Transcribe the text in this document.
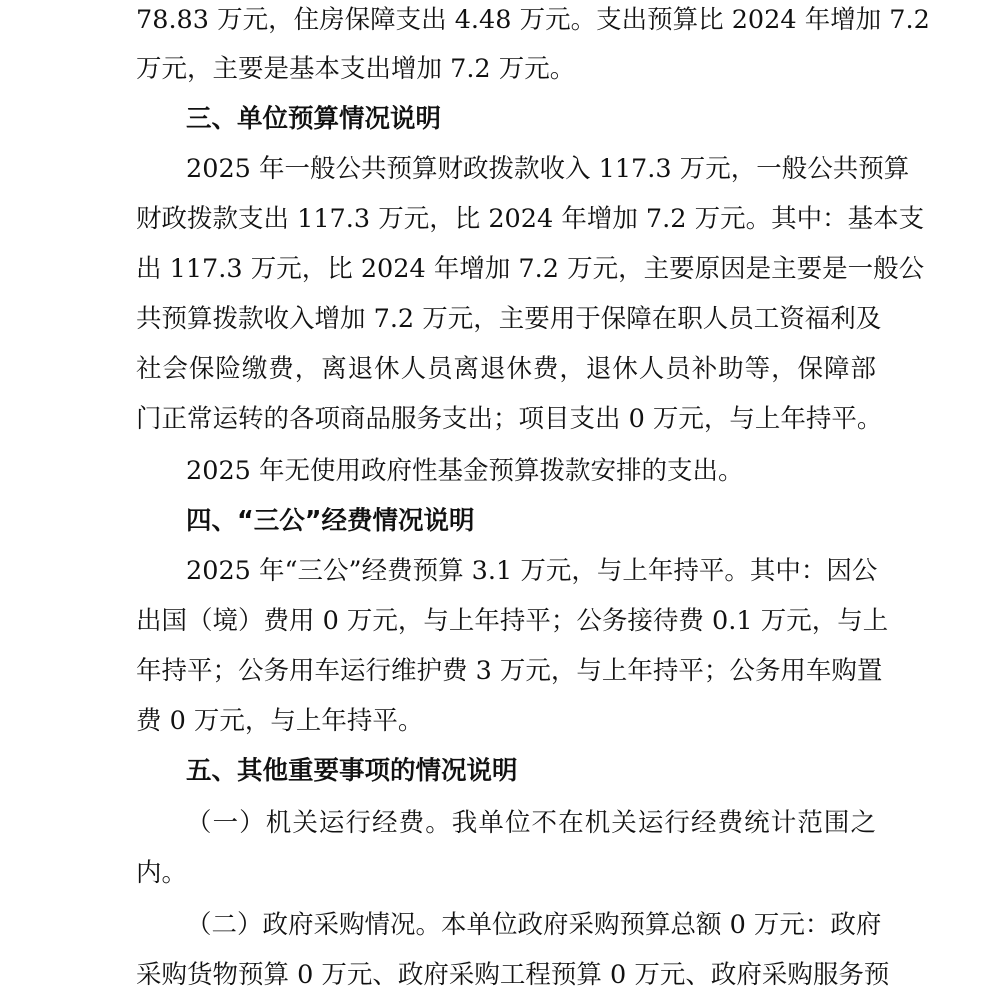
78.83 万元，住房保障支出 4.48 万元。支出预算比 2024 年增加 7.2
万元，主要是基本支出增加 7.2 万元。
三、单位预算情况说明
2025 年一般公共预算财政拨款收入 117.3 万元，一般公共预算
财政拨款支出 117.3 万元，比 2024 年增加 7.2 万元。其中：基本支
出 117.3 万元，比 2024 年增加 7.2 万元，主要原因是主要是一般公
共预算拨款收入增加 7.2 万元，主要用于保障在职人员工资福利及
社会保险缴费，离退休人员离退休费，退休人员补助等，保障部
门正常运转的各项商品服务支出；项目支出 0 万元，与上年持平。
2025 年无使用政府性基金预算拨款安排的支出。
四、“三公”经费情况说明
2025 年“三公”经费预算 3.1 万元，与上年持平。其中：因公
出国（境）费用 0 万元，与上年持平；公务接待费 0.1 万元，与上
年持平；公务用车运行维护费 3 万元，与上年持平；公务用车购置
费 0 万元，与上年持平。
五、其他重要事项的情况说明
（一）机关运行经费。我单位不在机关运行经费统计范围之
内。
（二）政府采购情况。本单位政府采购预算总额 0 万元：政府
采购货物预算 0 万元、政府采购工程预算 0 万元、政府采购服务预
